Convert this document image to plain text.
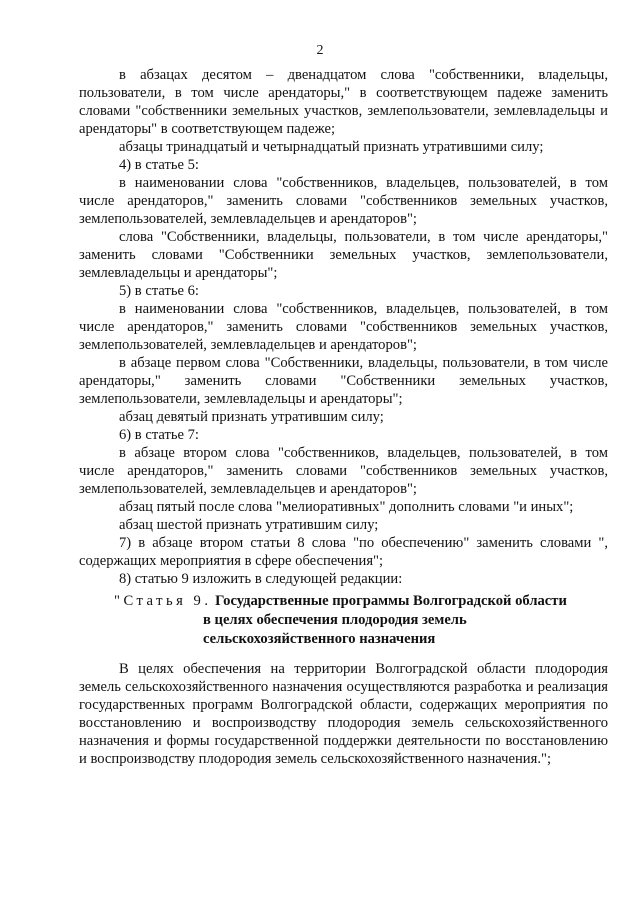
2

в абзацах десятом – двенадцатом слова "собственники, владельцы, пользователи, в том числе арендаторы," в соответствующем падеже заменить словами "собственники земельных участков, землепользователи, землевладельцы и арендаторы" в соответствующем падеже;

абзацы тринадцатый и четырнадцатый признать утратившими силу;

4) в статье 5:

в наименовании слова "собственников, владельцев, пользователей, в том числе арендаторов," заменить словами "собственников земельных участков, землепользователей, землевладельцев и арендаторов";

слова "Собственники, владельцы, пользователи, в том числе арендаторы," заменить словами "Собственники земельных участков, землепользователи, землевладельцы и арендаторы";

5) в статье 6:

в наименовании слова "собственников, владельцев, пользователей, в том числе арендаторов," заменить словами "собственников земельных участков, землепользователей, землевладельцев и арендаторов";

в абзаце первом слова "Собственники, владельцы, пользователи, в том числе арендаторы," заменить словами "Собственники земельных участков, землепользователи, землевладельцы и арендаторы";

абзац девятый признать утратившим силу;

6) в статье 7:

в абзаце втором слова "собственников, владельцев, пользователей, в том числе арендаторов," заменить словами "собственников земельных участков, землепользователей, землевладельцев и арендаторов";

абзац пятый после слова "мелиоративных" дополнить словами "и иных";

абзац шестой признать утратившим силу;

7) в абзаце втором статьи 8 слова "по обеспечению" заменить словами ", содержащих мероприятия в сфере обеспечения";

8) статью 9 изложить в следующей редакции:

"Статья 9. Государственные программы Волгоградской области
в целях обеспечения плодородия земель
сельскохозяйственного назначения

В целях обеспечения на территории Волгоградской области плодородия земель сельскохозяйственного назначения осуществляются разработка и реализация государственных программ Волгоградской области, содержащих мероприятия по восстановлению и воспроизводству плодородия земель сельскохозяйственного назначения и формы государственной поддержки деятельности по восстановлению и воспроизводству плодородия земель сельскохозяйственного назначения.";
